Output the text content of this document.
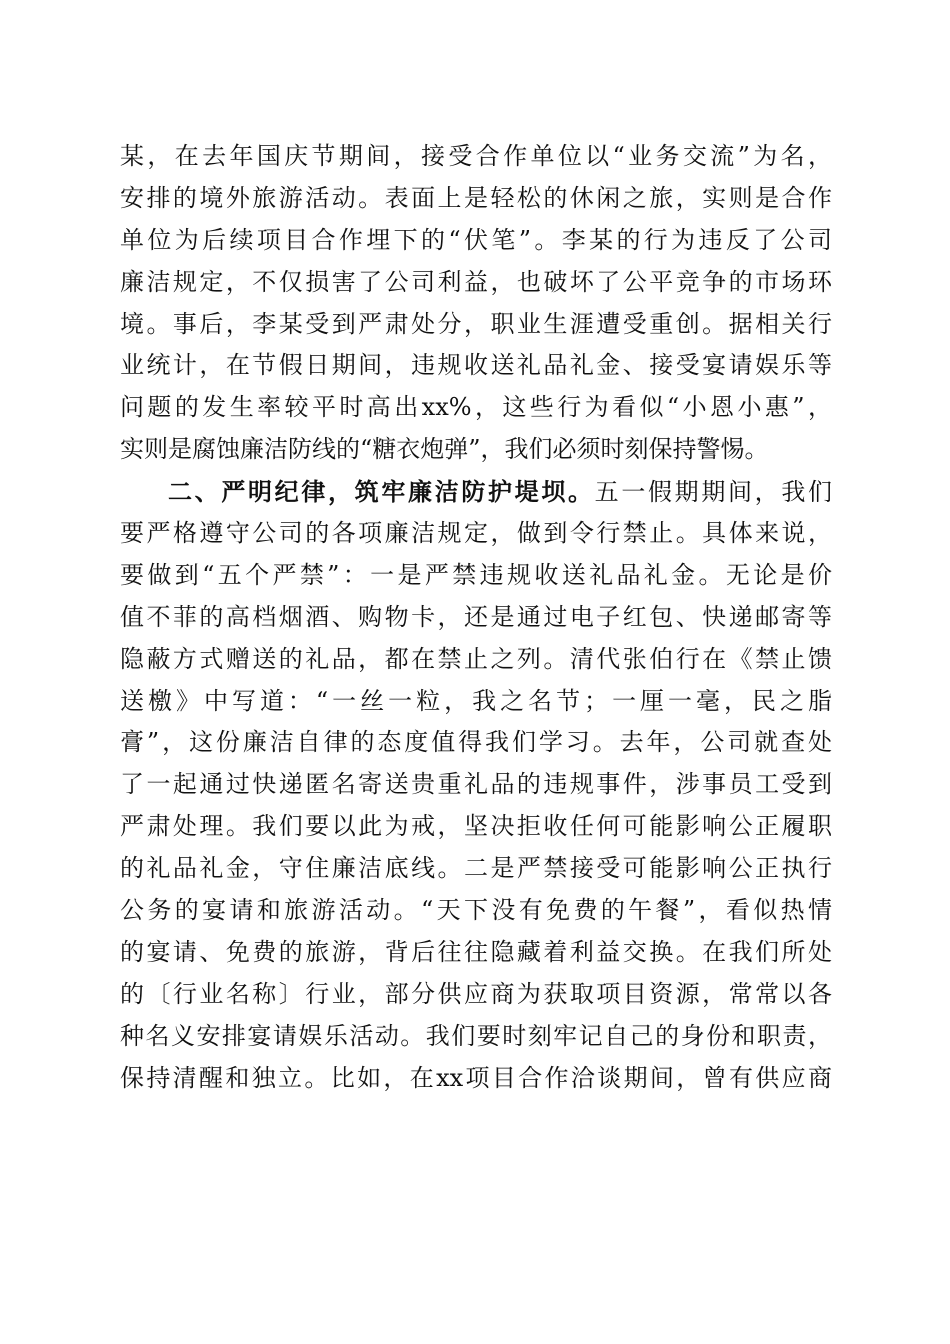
某，在去年国庆节期间，接受合作单位以“业务交流”为名，
安排的境外旅游活动。表面上是轻松的休闲之旅，实则是合作
单位为后续项目合作埋下的“伏笔”。李某的行为违反了公司
廉洁规定，不仅损害了公司利益，也破坏了公平竞争的市场环
境。事后，李某受到严肃处分，职业生涯遭受重创。据相关行
业统计，在节假日期间，违规收送礼品礼金、接受宴请娱乐等
问题的发生率较平时高出xx%，这些行为看似“小恩小惠”，
实则是腐蚀廉洁防线的“糖衣炮弹”，我们必须时刻保持警惕。
二、严明纪律，筑牢廉洁防护堤坝。五一假期期间，我们
要严格遵守公司的各项廉洁规定，做到令行禁止。具体来说，
要做到“五个严禁”：一是严禁违规收送礼品礼金。无论是价
值不菲的高档烟酒、购物卡，还是通过电子红包、快递邮寄等
隐蔽方式赠送的礼品，都在禁止之列。清代张伯行在《禁止馈
送檄》中写道：“一丝一粒，我之名节；一厘一毫，民之脂
膏”，这份廉洁自律的态度值得我们学习。去年，公司就查处
了一起通过快递匿名寄送贵重礼品的违规事件，涉事员工受到
严肃处理。我们要以此为戒，坚决拒收任何可能影响公正履职
的礼品礼金，守住廉洁底线。二是严禁接受可能影响公正执行
公务的宴请和旅游活动。“天下没有免费的午餐”，看似热情
的宴请、免费的旅游，背后往往隐藏着利益交换。在我们所处
的〔行业名称〕行业，部分供应商为获取项目资源，常常以各
种名义安排宴请娱乐活动。我们要时刻牢记自己的身份和职责，
保持清醒和独立。比如，在xx项目合作洽谈期间，曾有供应商
